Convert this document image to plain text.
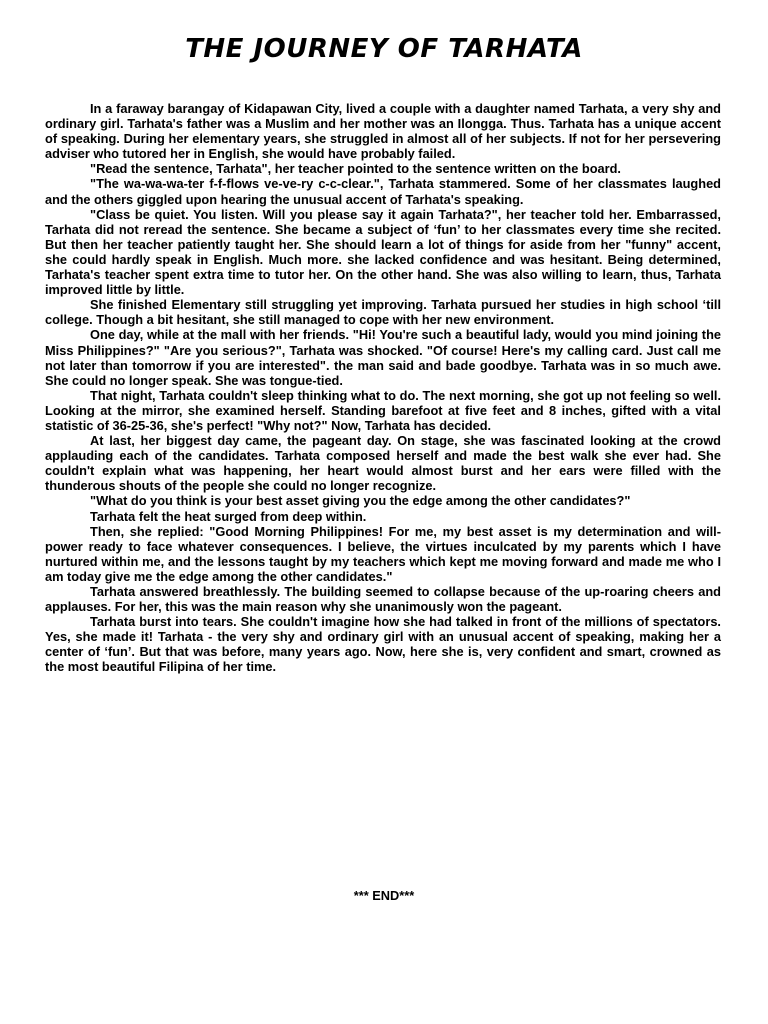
THE JOURNEY OF TARHATA

In a faraway barangay of Kidapawan City, lived a couple with a daughter named Tarhata, a very shy and ordinary girl. Tarhata's father was a Muslim and her mother was an Ilongga. Thus. Tarhata has a unique accent of speaking. During her elementary years, she struggled in almost all of her subjects. If not for her persevering adviser who tutored her in English, she would have probably failed.

"Read the sentence, Tarhata", her teacher pointed to the sentence written on the board.

"The wa-wa-wa-ter f-f-flows ve-ve-ry c-c-clear.", Tarhata stammered. Some of her classmates laughed and the others giggled upon hearing the unusual accent of Tarhata's speaking.

"Class be quiet. You listen. Will you please say it again Tarhata?", her teacher told her. Embarrassed, Tarhata did not reread the sentence. She became a subject of ‘fun’ to her classmates every time she recited. But then her teacher patiently taught her. She should learn a lot of things for aside from her "funny" accent, she could hardly speak in English. Much more. she lacked confidence and was hesitant. Being determined, Tarhata's teacher spent extra time to tutor her. On the other hand. She was also willing to learn, thus, Tarhata improved little by little.

She finished Elementary still struggling yet improving. Tarhata pursued her studies in high school ‘till college. Though a bit hesitant, she still managed to cope with her new environment.

One day, while at the mall with her friends. "Hi! You're such a beautiful lady, would you mind joining the Miss Philippines?" "Are you serious?", Tarhata was shocked. "Of course! Here's my calling card. Just call me not later than tomorrow if you are interested". the man said and bade goodbye. Tarhata was in so much awe. She could no longer speak. She was tongue-tied.

That night, Tarhata couldn't sleep thinking what to do. The next morning, she got up not feeling so well. Looking at the mirror, she examined herself. Standing barefoot at five feet and 8 inches, gifted with a vital statistic of 36-25-36, she's perfect! "Why not?" Now, Tarhata has decided.

At last, her biggest day came, the pageant day. On stage, she was fascinated looking at the crowd applauding each of the candidates. Tarhata composed herself and made the best walk she ever had. She couldn't explain what was happening, her heart would almost burst and her ears were filled with the thunderous shouts of the people she could no longer recognize.

"What do you think is your best asset giving you the edge among the other candidates?"

Tarhata felt the heat surged from deep within.

Then, she replied: "Good Morning Philippines! For me, my best asset is my determination and will-power ready to face whatever consequences. I believe, the virtues inculcated by my parents which I have nurtured within me, and the lessons taught by my teachers which kept me moving forward and made me who I am today give me the edge among the other candidates."

Tarhata answered breathlessly. The building seemed to collapse because of the up-roaring cheers and applauses. For her, this was the main reason why she unanimously won the pageant.

Tarhata burst into tears. She couldn't imagine how she had talked in front of the millions of spectators. Yes, she made it! Tarhata - the very shy and ordinary girl with an unusual accent of speaking, making her a center of ‘fun’. But that was before, many years ago. Now, here she is, very confident and smart, crowned as the most beautiful Filipina of her time.

*** END***
